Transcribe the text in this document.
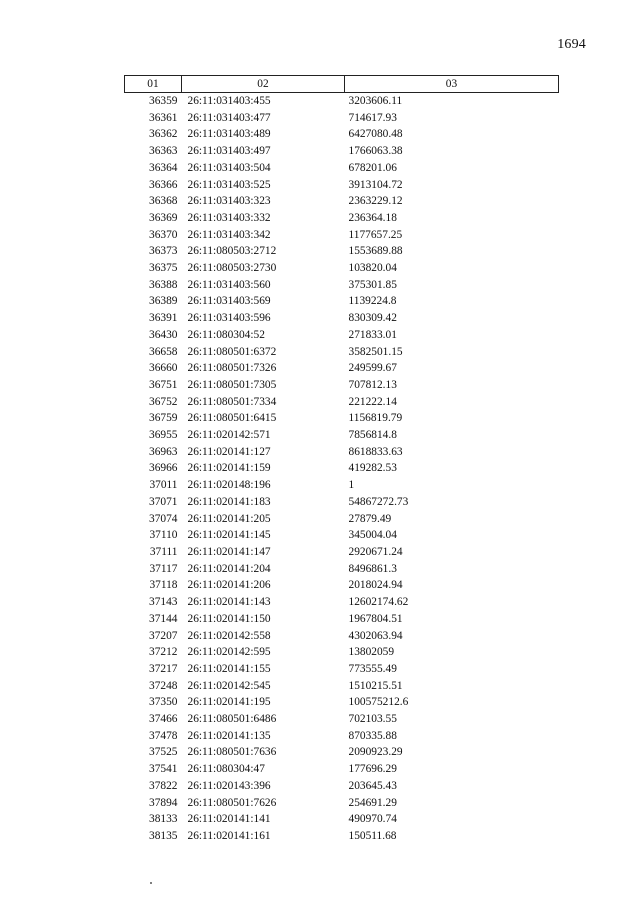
1694
01	02	03
36359	26:11:031403:455	3203606.11
36361	26:11:031403:477	714617.93
36362	26:11:031403:489	6427080.48
36363	26:11:031403:497	1766063.38
36364	26:11:031403:504	678201.06
36366	26:11:031403:525	3913104.72
36368	26:11:031403:323	2363229.12
36369	26:11:031403:332	236364.18
36370	26:11:031403:342	1177657.25
36373	26:11:080503:2712	1553689.88
36375	26:11:080503:2730	103820.04
36388	26:11:031403:560	375301.85
36389	26:11:031403:569	1139224.8
36391	26:11:031403:596	830309.42
36430	26:11:080304:52	271833.01
36658	26:11:080501:6372	3582501.15
36660	26:11:080501:7326	249599.67
36751	26:11:080501:7305	707812.13
36752	26:11:080501:7334	221222.14
36759	26:11:080501:6415	1156819.79
36955	26:11:020142:571	7856814.8
36963	26:11:020141:127	8618833.63
36966	26:11:020141:159	419282.53
37011	26:11:020148:196	1
37071	26:11:020141:183	54867272.73
37074	26:11:020141:205	27879.49
37110	26:11:020141:145	345004.04
37111	26:11:020141:147	2920671.24
37117	26:11:020141:204	8496861.3
37118	26:11:020141:206	2018024.94
37143	26:11:020141:143	12602174.62
37144	26:11:020141:150	1967804.51
37207	26:11:020142:558	4302063.94
37212	26:11:020142:595	13802059
37217	26:11:020141:155	773555.49
37248	26:11:020142:545	1510215.51
37350	26:11:020141:195	100575212.6
37466	26:11:080501:6486	702103.55
37478	26:11:020141:135	870335.88
37525	26:11:080501:7636	2090923.29
37541	26:11:080304:47	177696.29
37822	26:11:020143:396	203645.43
37894	26:11:080501:7626	254691.29
38133	26:11:020141:141	490970.74
38135	26:11:020141:161	150511.68
